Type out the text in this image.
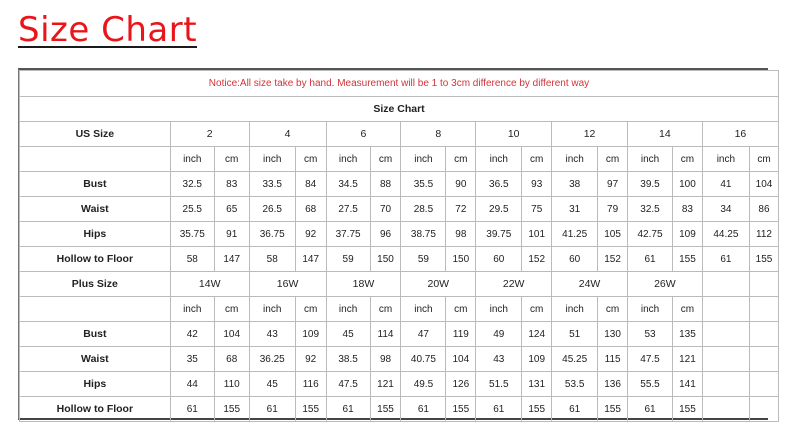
Size Chart
Notice:All size take by hand. Measurement will be 1 to 3cm difference by different way																
Size Chart																
US Size	2		4		6		8		10		12		14		16	
	inch	cm	inch	cm	inch	cm	inch	cm	inch	cm	inch	cm	inch	cm	inch	cm
Bust	32.5	83	33.5	84	34.5	88	35.5	90	36.5	93	38	97	39.5	100	41	104
Waist	25.5	65	26.5	68	27.5	70	28.5	72	29.5	75	31	79	32.5	83	34	86
Hips	35.75	91	36.75	92	37.75	96	38.75	98	39.75	101	41.25	105	42.75	109	44.25	112
Hollow to Floor	58	147	58	147	59	150	59	150	60	152	60	152	61	155	61	155
Plus Size	14W		16W		18W		20W		22W		24W		26W			
	inch	cm	inch	cm	inch	cm	inch	cm	inch	cm	inch	cm	inch	cm		
Bust	42	104	43	109	45	114	47	119	49	124	51	130	53	135		
Waist	35	68	36.25	92	38.5	98	40.75	104	43	109	45.25	115	47.5	121		
Hips	44	110	45	116	47.5	121	49.5	126	51.5	131	53.5	136	55.5	141		
Hollow to Floor	61	155	61	155	61	155	61	155	61	155	61	155	61	155		
